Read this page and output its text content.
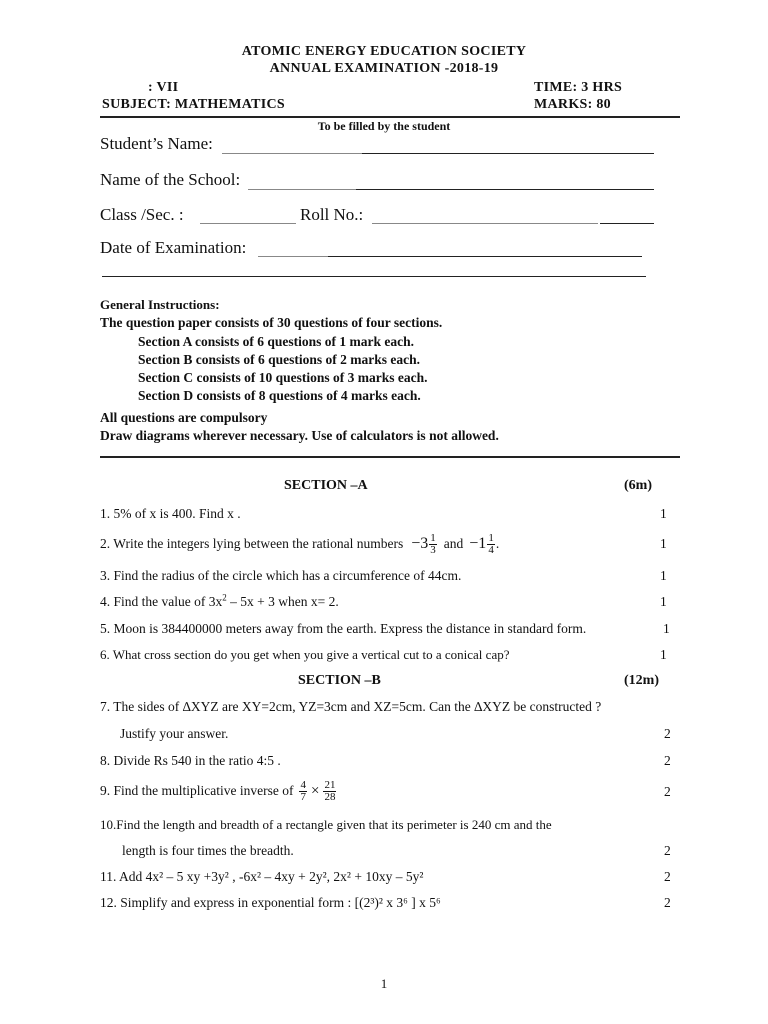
ATOMIC ENERGY EDUCATION SOCIETY
ANNUAL EXAMINATION -2018-19
: VII	TIME: 3 HRS
SUBJECT: MATHEMATICS	MARKS: 80
To be filled by the student
Student’s Name:
Name of the School:
Class /Sec. :	Roll No.:
Date of Examination:
General Instructions:
The question paper consists of 30 questions of four sections.
Section A consists of 6 questions of 1 mark each.
Section B consists of 6 questions of 2 marks each.
Section C consists of 10 questions of 3 marks each.
Section D consists of 8 questions of 4 marks each.
All questions are compulsory
Draw diagrams wherever necessary. Use of calculators is not allowed.
SECTION –A	(6m)
1. 5% of x is 400. Find x .	1
2. Write the integers lying between the rational numbers $-3 \frac{1}{3}$ and $-1 \frac{1}{4}$ .	1
3. Find the radius of the circle which has a circumference of 44cm.	1
4. Find the value of $3x^2 - 5x + 3$ when x= 2.	1
5. Moon is 384400000 meters away from the earth. Express the distance in standard form.	1
6. What cross section do you get when you give a vertical cut to a conical cap?	1
SECTION –B	(12m)
7. The sides of ∆XYZ are XY=2cm, YZ=3cm and XZ=5cm. Can the ∆XYZ be constructed ?
Justify your answer.	2
8. Divide Rs 540 in the ratio 4:5 .	2
9. Find the multiplicative inverse of $\frac{4}{7} \times \frac{21}{28}$	2
10.Find the length and breadth of a rectangle given that its perimeter is 240 cm and the
length is four times the breadth.	2
11. Add 4x² – 5 xy +3y² , -6x² – 4xy + 2y², 2x² + 10xy – 5y²	2
12. Simplify and express in exponential form : [(2³)² x 3⁶ ] x 5⁶	2
1
